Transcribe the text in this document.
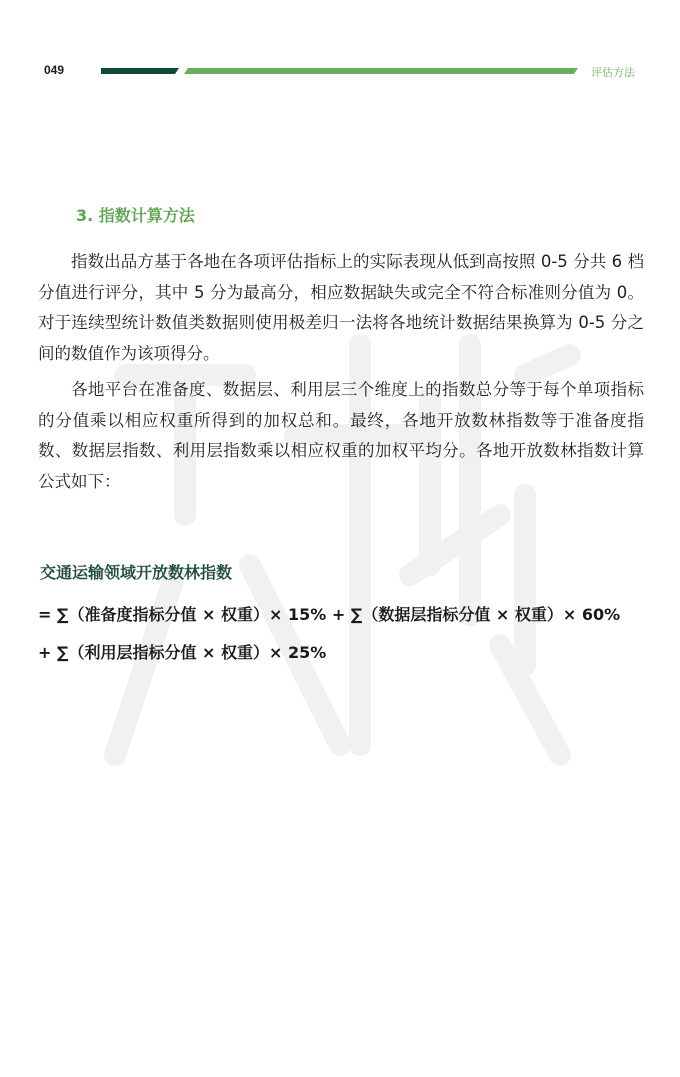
049	评估方法
3. 指数计算方法

指数出品方基于各地在各项评估指标上的实际表现从低到高按照 0-5 分共 6 档分值进行评分，其中 5 分为最高分，相应数据缺失或完全不符合标准则分值为 0。对于连续型统计数值类数据则使用极差归一法将各地统计数据结果换算为 0-5 分之间的数值作为该项得分。

各地平台在准备度、数据层、利用层三个维度上的指数总分等于每个单项指标的分值乘以相应权重所得到的加权总和。最终，各地开放数林指数等于准备度指数、数据层指数、利用层指数乘以相应权重的加权平均分。各地开放数林指数计算公式如下：

交通运输领域开放数林指数
= ∑（准备度指标分值 × 权重）× 15% + ∑（数据层指标分值 × 权重）× 60%
+ ∑（利用层指标分值 × 权重）× 25%
